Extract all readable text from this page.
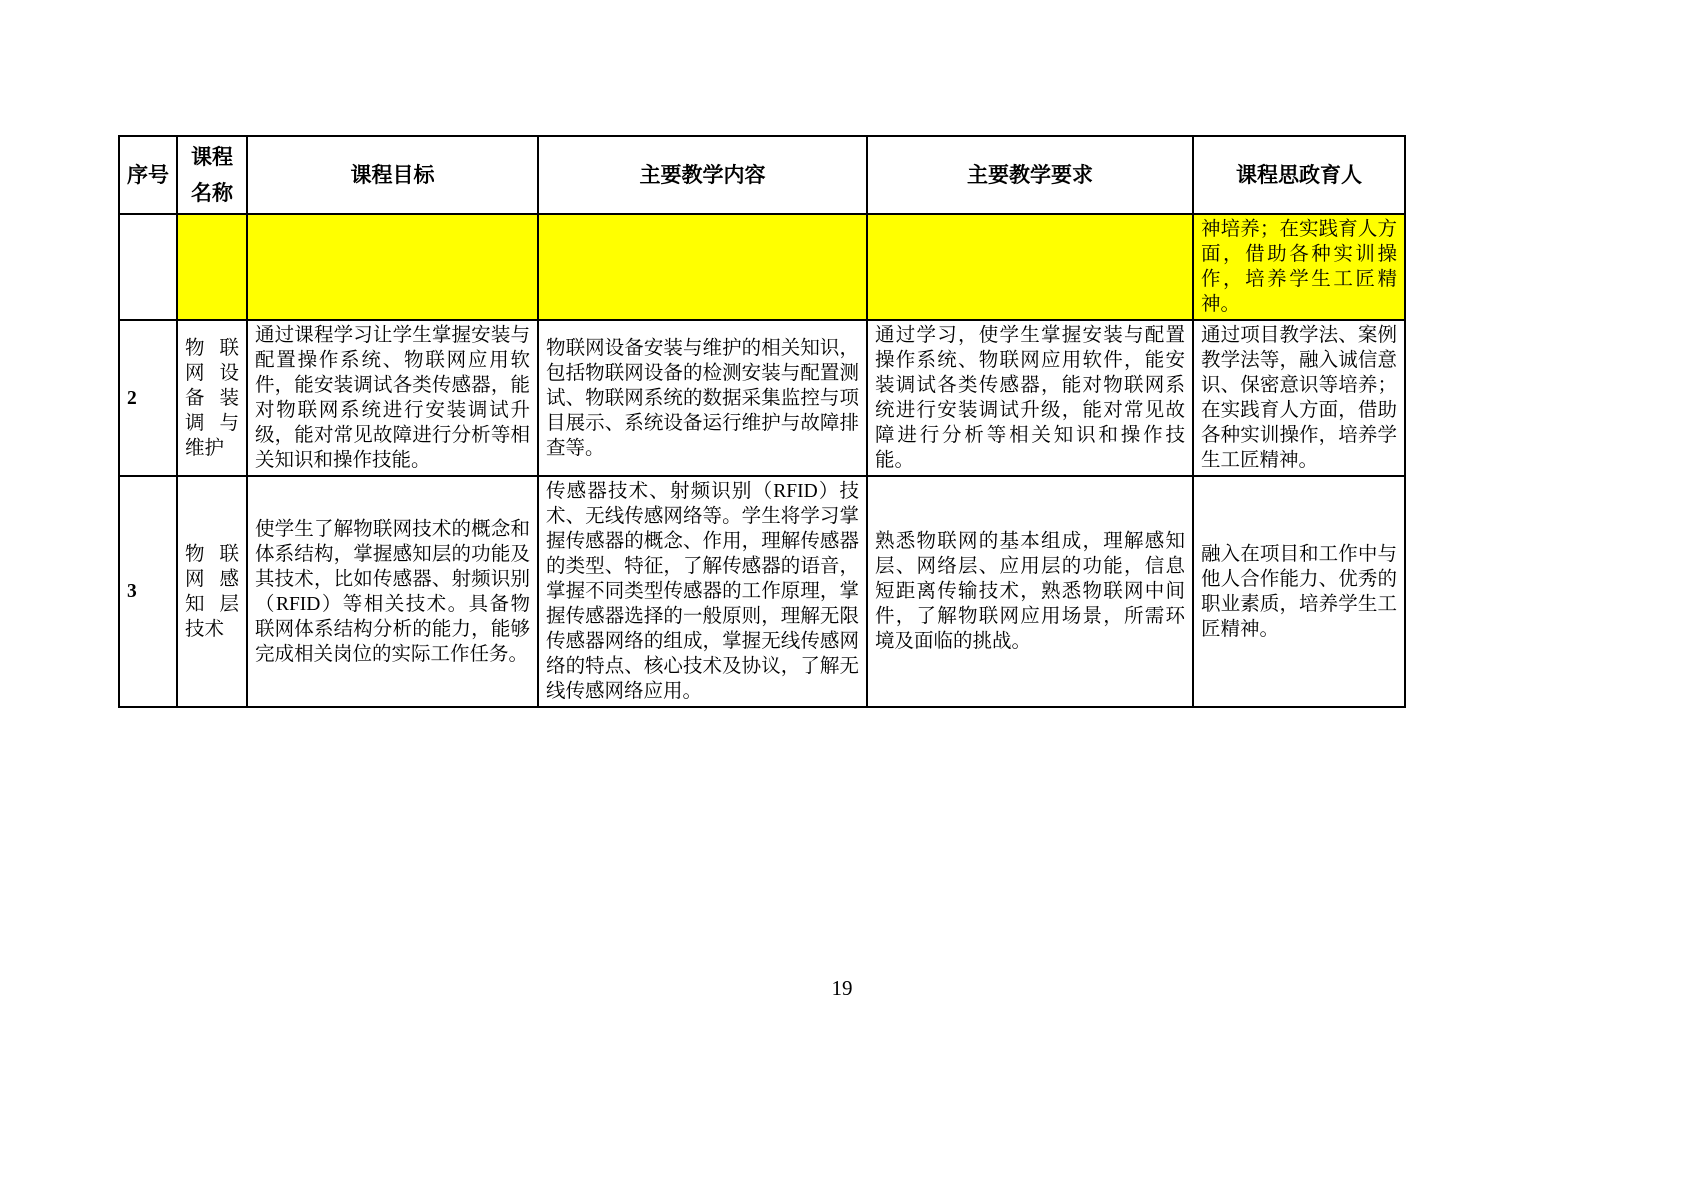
序号	课程名称	课程目标	主要教学内容	主要教学要求	课程思政育人
					神培养；在实践育人方面，借助各种实训操作，培养学生工匠精神。
2	物联网设备装调与维护	通过课程学习让学生掌握安装与配置操作系统、物联网应用软件，能安装调试各类传感器，能对物联网系统进行安装调试升级，能对常见故障进行分析等相关知识和操作技能。	物联网设备安装与维护的相关知识，包括物联网设备的检测安装与配置测试、物联网系统的数据采集监控与项目展示、系统设备运行维护与故障排查等。	通过学习，使学生掌握安装与配置操作系统、物联网应用软件，能安装调试各类传感器，能对物联网系统进行安装调试升级，能对常见故障进行分析等相关知识和操作技能。	通过项目教学法、案例教学法等，融入诚信意识、保密意识等培养；在实践育人方面，借助各种实训操作，培养学生工匠精神。
3	物联网感知层技术	使学生了解物联网技术的概念和体系结构，掌握感知层的功能及其技术，比如传感器、射频识别（RFID）等相关技术。具备物联网体系结构分析的能力，能够完成相关岗位的实际工作任务。	传感器技术、射频识别（RFID）技术、无线传感网络等。学生将学习掌握传感器的概念、作用，理解传感器的类型、特征，了解传感器的语音，掌握不同类型传感器的工作原理，掌握传感器选择的一般原则，理解无限传感器网络的组成，掌握无线传感网络的特点、核心技术及协议，了解无线传感网络应用。	熟悉物联网的基本组成，理解感知层、网络层、应用层的功能，信息短距离传输技术，熟悉物联网中间件，了解物联网应用场景，所需环境及面临的挑战。	融入在项目和工作中与他人合作能力、优秀的职业素质，培养学生工匠精神。
19
